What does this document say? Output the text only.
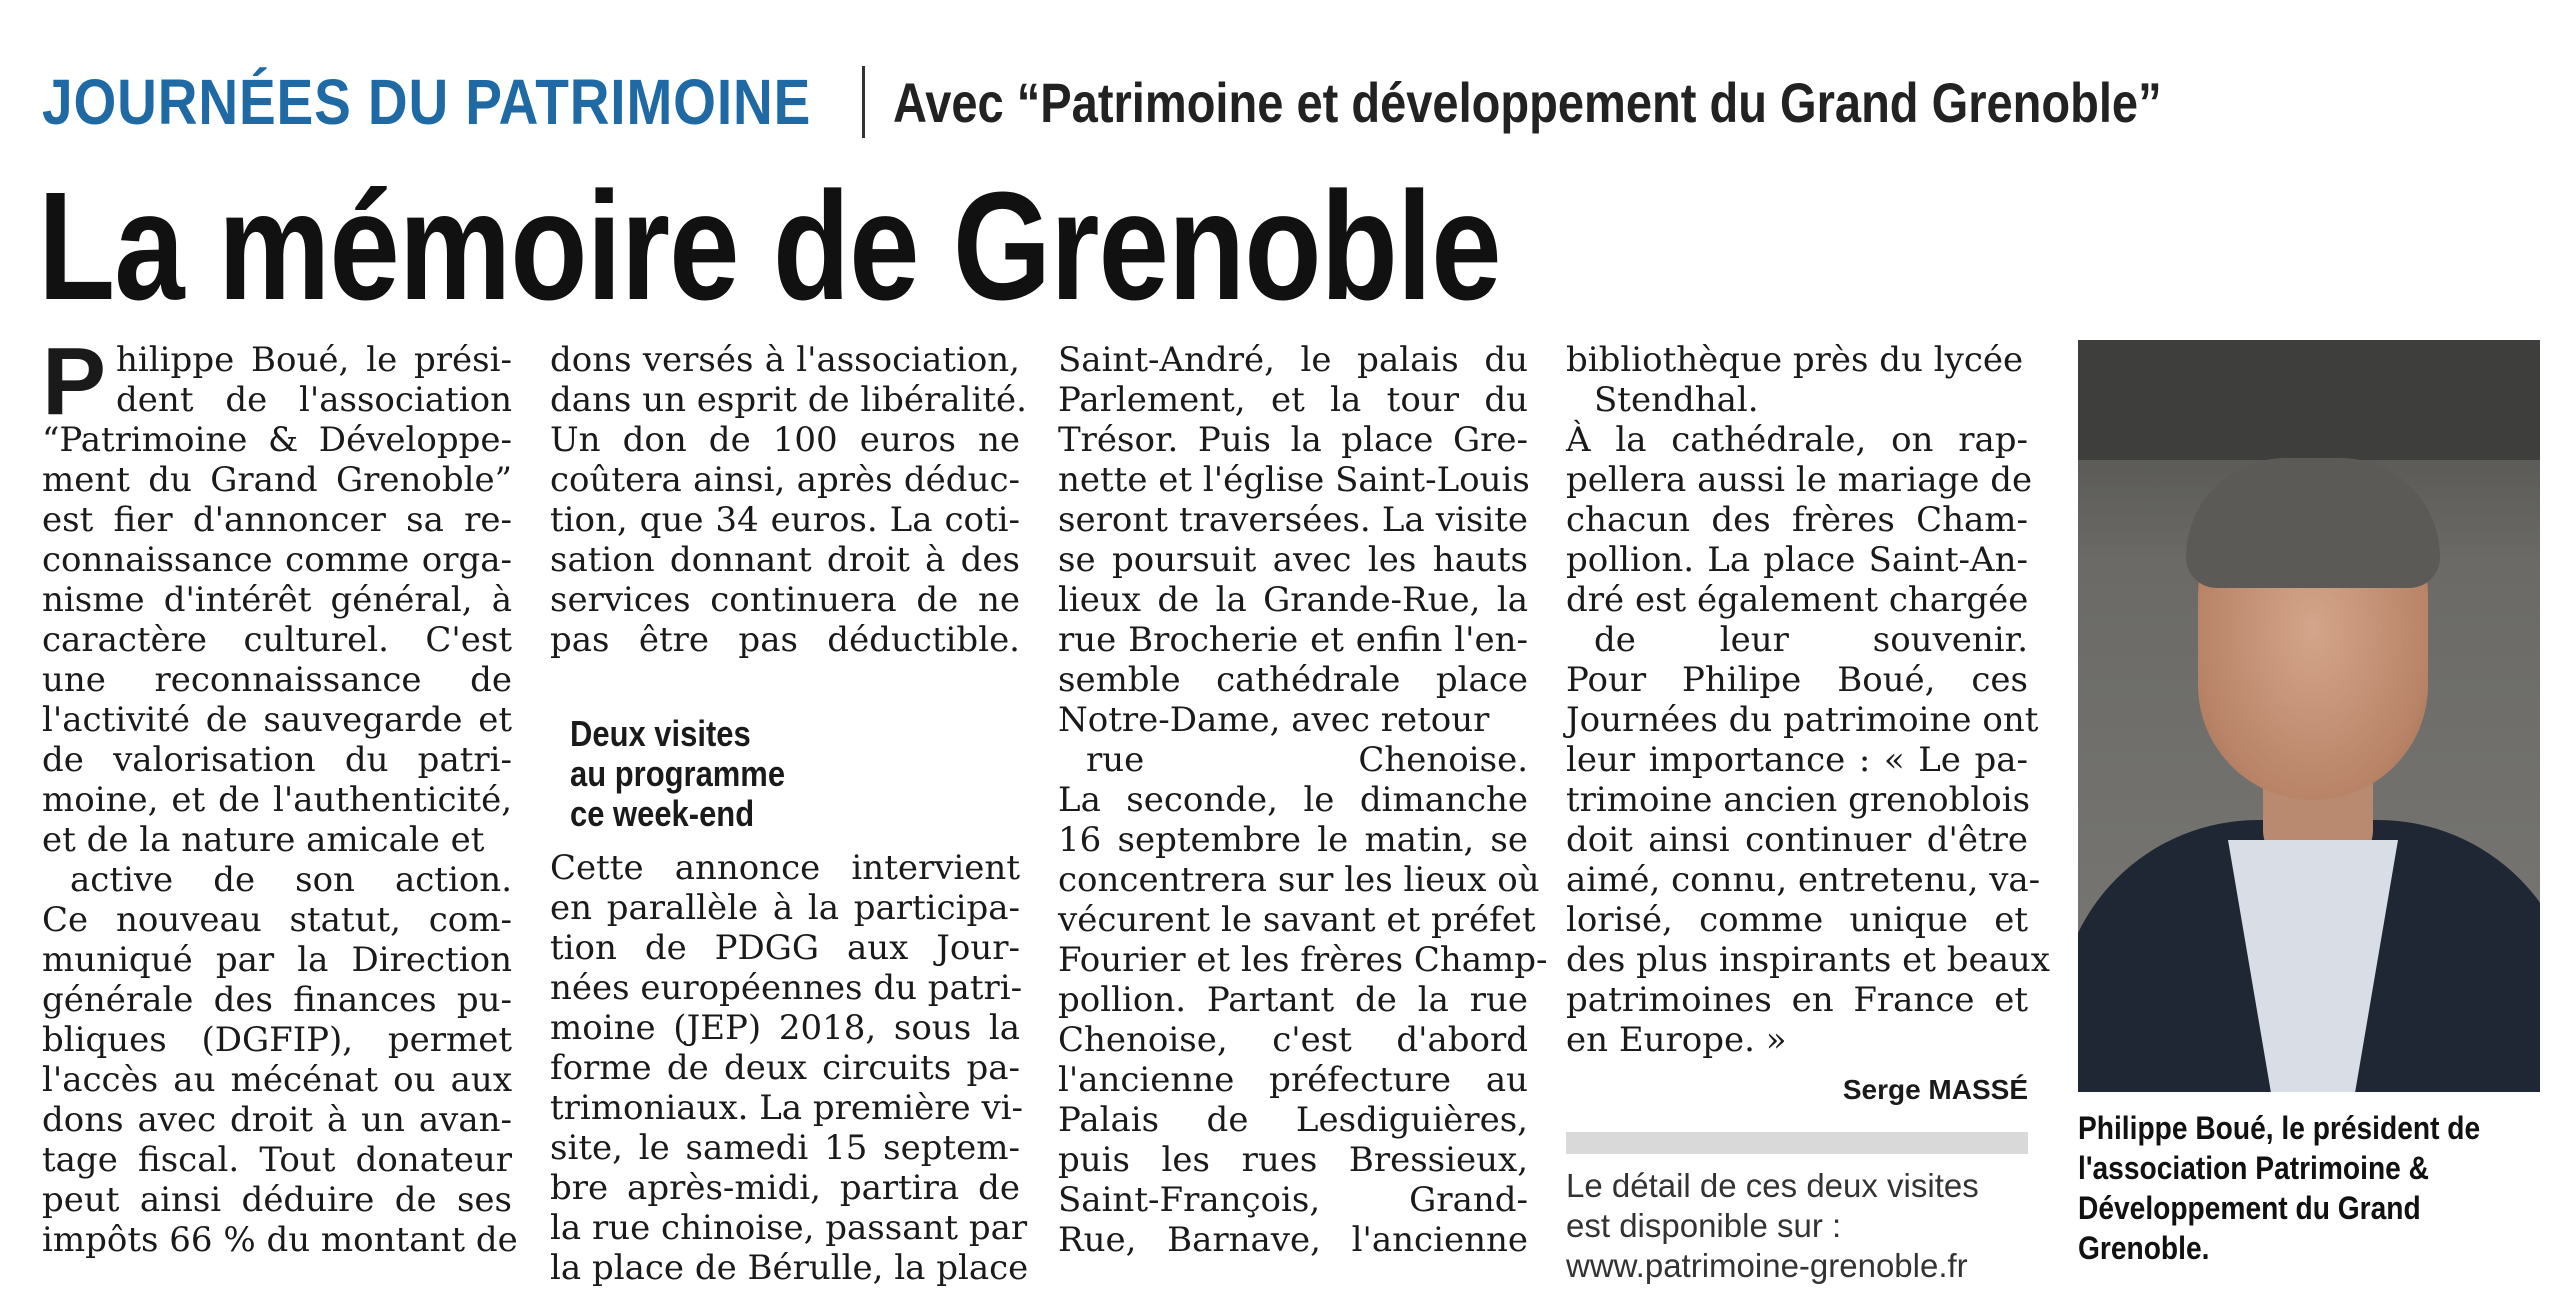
JOURNÉES DU PATRIMOINE Avec “Patrimoine et développement du Grand Grenoble”
La mémoire de Grenoble
P hilippe Boué, le prési-
dent de l'association
“Patrimoine & Développe-
ment du Grand Grenoble”
est fier d'annoncer sa re-
connaissance comme orga-
nisme d'intérêt général, à
caractère culturel. C'est
une reconnaissance de
l'activité de sauvegarde et
de valorisation du patri-
moine, et de l'authenticité,
et de la nature amicale et
active de son action.
Ce nouveau statut, com-
muniqué par la Direction
générale des finances pu-
bliques (DGFIP), permet
l'accès au mécénat ou aux
dons avec droit à un avan-
tage fiscal. Tout donateur
peut ainsi déduire de ses
impôts 66 % du montant de
dons versés à l'association,
dans un esprit de libéralité.
Un don de 100 euros ne
coûtera ainsi, après déduc-
tion, que 34 euros. La coti-
sation donnant droit à des
services continuera de ne
pas être pas déductible.
Deux visites
au programme
ce week-end
Cette annonce intervient
en parallèle à la participa-
tion de PDGG aux Jour-
nées européennes du patri-
moine (JEP) 2018, sous la
forme de deux circuits pa-
trimoniaux. La première vi-
site, le samedi 15 septem-
bre après-midi, partira de
la rue chinoise, passant par
la place de Bérulle, la place
Saint-André, le palais du
Parlement, et la tour du
Trésor. Puis la place Gre-
nette et l'église Saint-Louis
seront traversées. La visite
se poursuit avec les hauts
lieux de la Grande-Rue, la
rue Brocherie et enfin l'en-
semble cathédrale place
Notre-Dame, avec retour
rue Chenoise.
La seconde, le dimanche
16 septembre le matin, se
concentrera sur les lieux où
vécurent le savant et préfet
Fourier et les frères Champ-
pollion. Partant de la rue
Chenoise, c'est d'abord
l'ancienne préfecture au
Palais de Lesdiguières,
puis les rues Bressieux,
Saint-François, Grand-
Rue, Barnave, l'ancienne
bibliothèque près du lycée
Stendhal.
À la cathédrale, on rap-
pellera aussi le mariage de
chacun des frères Cham-
pollion. La place Saint-An-
dré est également chargée
de leur souvenir.
Pour Philipe Boué, ces
Journées du patrimoine ont
leur importance : « Le pa-
trimoine ancien grenoblois
doit ainsi continuer d'être
aimé, connu, entretenu, va-
lorisé, comme unique et
des plus inspirants et beaux
patrimoines en France et
en Europe. »
Serge MASSÉ
Le détail de ces deux visites
est disponible sur :
www.patrimoine-grenoble.fr
Philippe Boué, le président de
l'association Patrimoine &
Développement du Grand
Grenoble.
